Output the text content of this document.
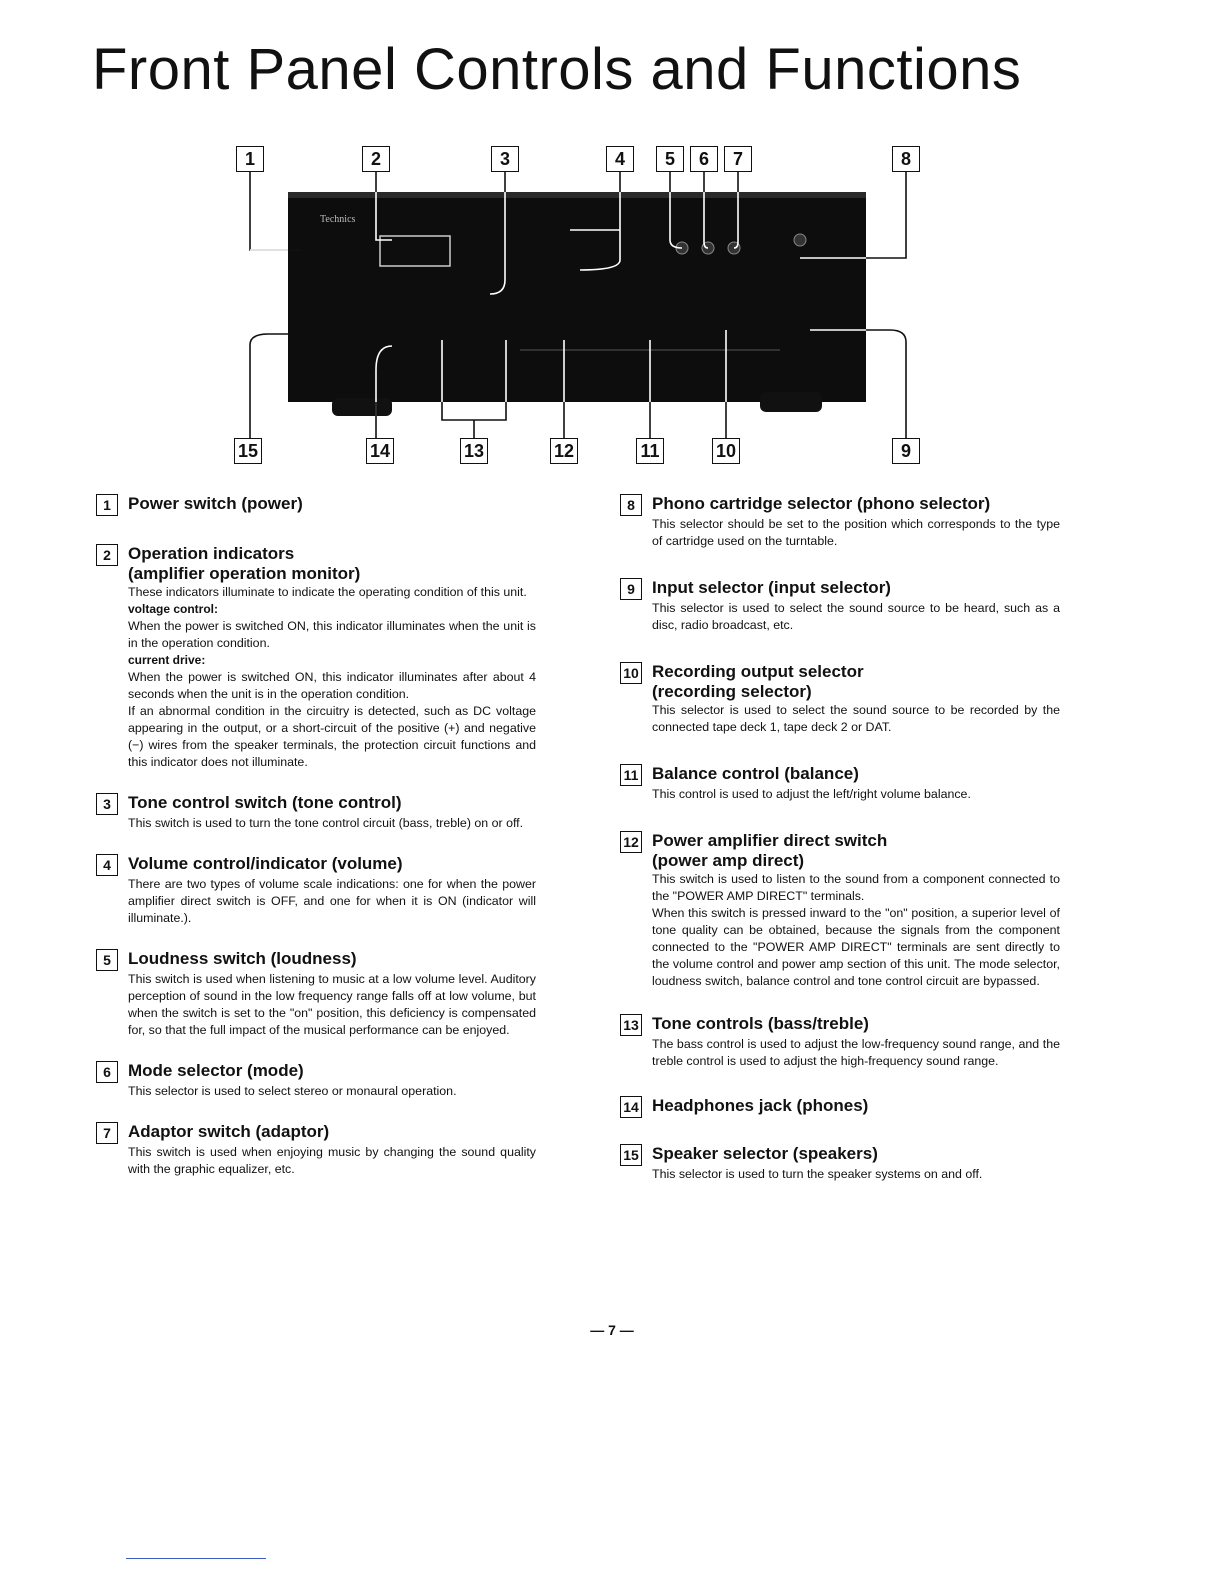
Front Panel Controls and Functions
Technics
1	2	3	4	5	6	7	8
15	14	13	12	11	10	9
1	Power switch (power)
2	Operation indicators
(amplifier operation monitor)

These indicators illuminate to indicate the operating condition of this unit.

voltage control:

When the power is switched ON, this indicator illuminates when the unit is in the operation condition.

current drive:

When the power is switched ON, this indicator illuminates after about 4 seconds when the unit is in the operation condition.

If an abnormal condition in the circuitry is detected, such as DC voltage appearing in the output, or a short-circuit of the positive (+) and negative (−) wires from the speaker terminals, the protection circuit functions and this indicator does not illuminate.

3	Tone control switch (tone control)

This switch is used to turn the tone control circuit (bass, treble) on or off.

4	Volume control/indicator (volume)

There are two types of volume scale indications: one for when the power amplifier direct switch is OFF, and one for when it is ON (indicator will illuminate.).

5	Loudness switch (loudness)

This switch is used when listening to music at a low volume level. Auditory perception of sound in the low frequency range falls off at low volume, but when the switch is set to the "on" position, this deficiency is compensated for, so that the full impact of the musical performance can be enjoyed.

6	Mode selector (mode)

This selector is used to select stereo or monaural operation.

7	Adaptor switch (adaptor)

This switch is used when enjoying music by changing the sound quality with the graphic equalizer, etc.

8	Phono cartridge selector (phono selector)

This selector should be set to the position which corresponds to the type of cartridge used on the turntable.

9	Input selector (input selector)

This selector is used to select the sound source to be heard, such as a disc, radio broadcast, etc.

10 Recording output selector
(recording selector)

This selector is used to select the sound source to be recorded by the connected tape deck 1, tape deck 2 or DAT.

11 Balance control (balance)

This control is used to adjust the left/right volume balance.

12 Power amplifier direct switch
(power amp direct)

This switch is used to listen to the sound from a component connected to the "POWER AMP DIRECT" terminals.

When this switch is pressed inward to the "on" position, a superior level of tone quality can be obtained, because the signals from the component connected to the "POWER AMP DIRECT" terminals are sent directly to the volume control and power amp section of this unit. The mode selector, loudness switch, balance control and tone control circuit are bypassed.

13 Tone controls (bass/treble)

The bass control is used to adjust the low-frequency sound range, and the treble control is used to adjust the high-frequency sound range.

14 Headphones jack (phones)
15 Speaker selector (speakers)

This selector is used to turn the speaker systems on and off.

— 7 —
